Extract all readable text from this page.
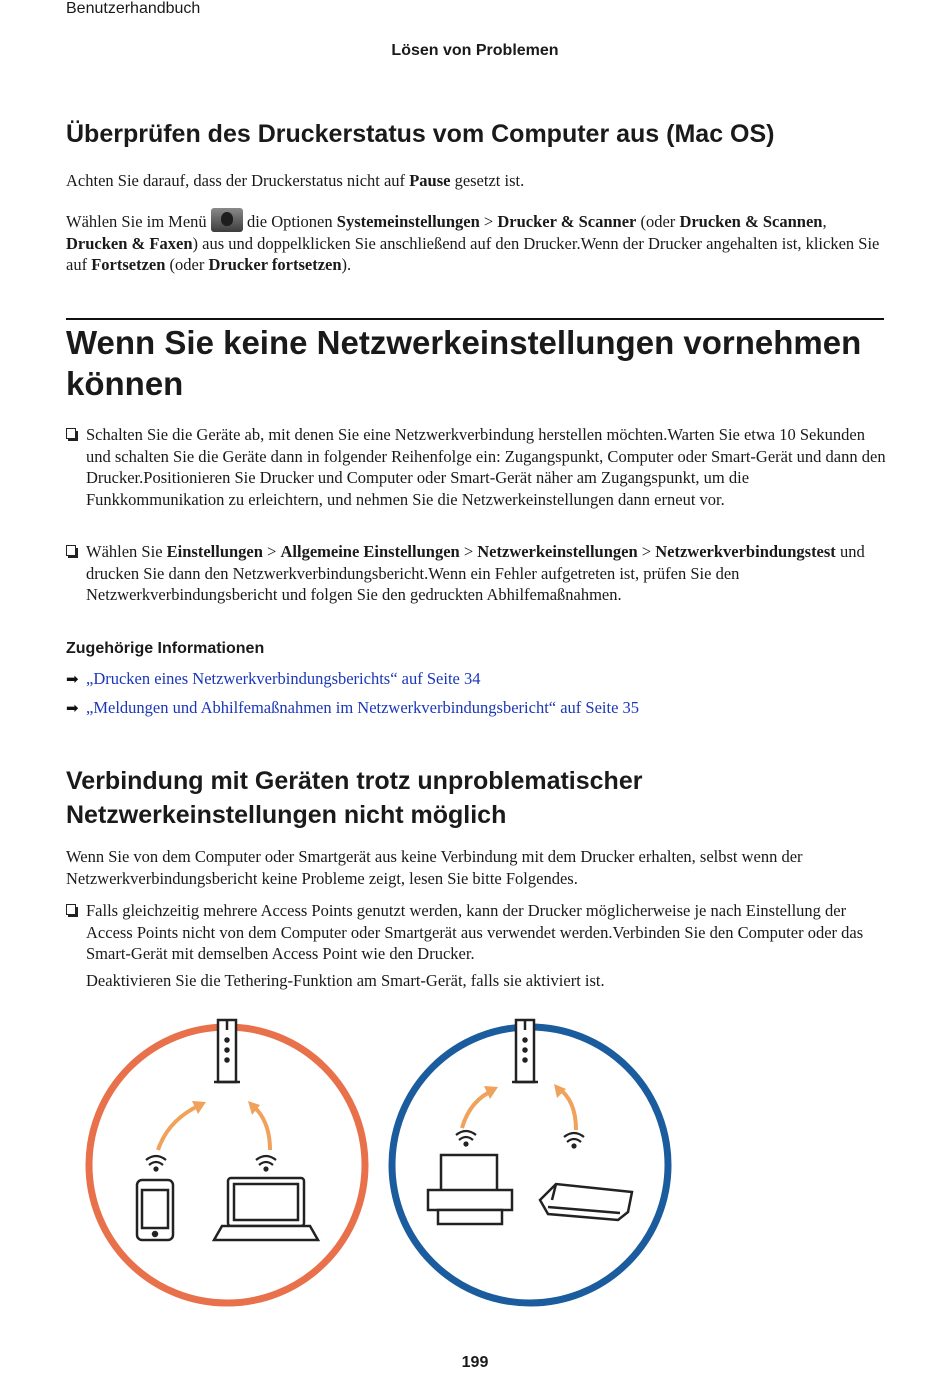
Benutzerhandbuch
Lösen von Problemen
Überprüfen des Druckerstatus vom Computer aus (Mac OS)
Achten Sie darauf, dass der Druckerstatus nicht auf Pause gesetzt ist.
Wählen Sie im Menü
die Optionen Systemeinstellungen > Drucker & Scanner (oder Drucken & Scannen, Drucken & Faxen) aus und doppelklicken Sie anschließend auf den Drucker.Wenn der Drucker angehalten ist, klicken Sie auf Fortsetzen (oder Drucker fortsetzen).
Wenn Sie keine Netzwerkeinstellungen vornehmen können
Schalten Sie die Geräte ab, mit denen Sie eine Netzwerkverbindung herstellen möchten.Warten Sie etwa 10 Sekunden und schalten Sie die Geräte dann in folgender Reihenfolge ein: Zugangspunkt, Computer oder Smart-Gerät und dann den Drucker.Positionieren Sie Drucker und Computer oder Smart-Gerät näher am Zugangspunkt, um die Funkkommunikation zu erleichtern, und nehmen Sie die Netzwerkeinstellungen dann erneut vor.
Wählen Sie Einstellungen > Allgemeine Einstellungen > Netzwerkeinstellungen > Netzwerkverbindungstest und drucken Sie dann den Netzwerkverbindungsbericht.Wenn ein Fehler aufgetreten ist, prüfen Sie den Netzwerkverbindungsbericht und folgen Sie den gedruckten Abhilfemaßnahmen.
Zugehörige Informationen
➡ „Drucken eines Netzwerkverbindungsberichts“ auf Seite 34
➡ „Meldungen und Abhilfemaßnahmen im Netzwerkverbindungsbericht“ auf Seite 35
Verbindung mit Geräten trotz unproblematischer Netzwerkeinstellungen nicht möglich
Wenn Sie von dem Computer oder Smartgerät aus keine Verbindung mit dem Drucker erhalten, selbst wenn der Netzwerkverbindungsbericht keine Probleme zeigt, lesen Sie bitte Folgendes.
Falls gleichzeitig mehrere Access Points genutzt werden, kann der Drucker möglicherweise je nach Einstellung der Access Points nicht von dem Computer oder Smartgerät aus verwendet werden.Verbinden Sie den Computer oder das Smart-Gerät mit demselben Access Point wie den Drucker.
Deaktivieren Sie die Tethering-Funktion am Smart-Gerät, falls sie aktiviert ist.
199
